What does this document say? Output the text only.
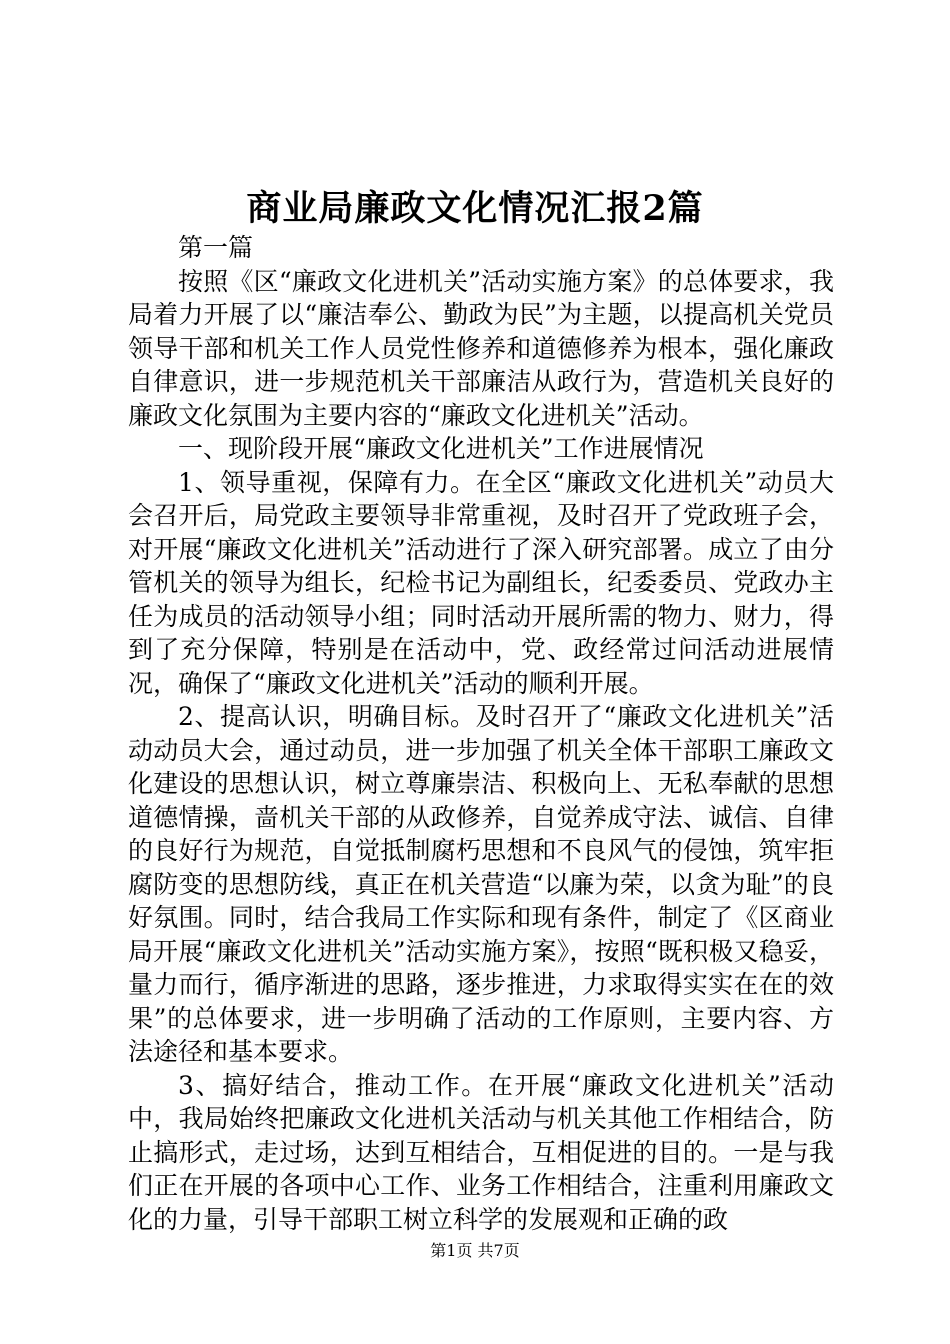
商业局廉政文化情况汇报2篇

第一篇

按照《区“廉政文化进机关”活动实施方案》的总体要求，我局着力开展了以“廉洁奉公、勤政为民”为主题，以提高机关党员领导干部和机关工作人员党性修养和道德修养为根本，强化廉政自律意识，进一步规范机关干部廉洁从政行为，营造机关良好的廉政文化氛围为主要内容的“廉政文化进机关”活动。

一、现阶段开展“廉政文化进机关”工作进展情况

1、领导重视，保障有力。在全区“廉政文化进机关”动员大会召开后，局党政主要领导非常重视，及时召开了党政班子会，对开展“廉政文化进机关”活动进行了深入研究部署。成立了由分管机关的领导为组长，纪检书记为副组长，纪委委员、党政办主任为成员的活动领导小组；同时活动开展所需的物力、财力，得到了充分保障，特别是在活动中，党、政经常过问活动进展情况，确保了“廉政文化进机关”活动的顺利开展。

2、提高认识，明确目标。及时召开了“廉政文化进机关”活动动员大会，通过动员，进一步加强了机关全体干部职工廉政文化建设的思想认识，树立尊廉崇洁、积极向上、无私奉献的思想道德情操，啬机关干部的从政修养，自觉养成守法、诚信、自律的良好行为规范，自觉抵制腐朽思想和不良风气的侵蚀，筑牢拒腐防变的思想防线，真正在机关营造“以廉为荣，以贪为耻”的良好氛围。同时，结合我局工作实际和现有条件，制定了《区商业局开展“廉政文化进机关”活动实施方案》，按照“既积极又稳妥，量力而行，循序渐进的思路，逐步推进，力求取得实实在在的效果”的总体要求，进一步明确了活动的工作原则，主要内容、方法途径和基本要求。

3、搞好结合，推动工作。在开展“廉政文化进机关”活动中，我局始终把廉政文化进机关活动与机关其他工作相结合，防止搞形式，走过场，达到互相结合，互相促进的目的。一是与我们正在开展的各项中心工作、业务工作相结合，注重利用廉政文化的力量，引导干部职工树立科学的发展观和正确的政

第1页 共7页
